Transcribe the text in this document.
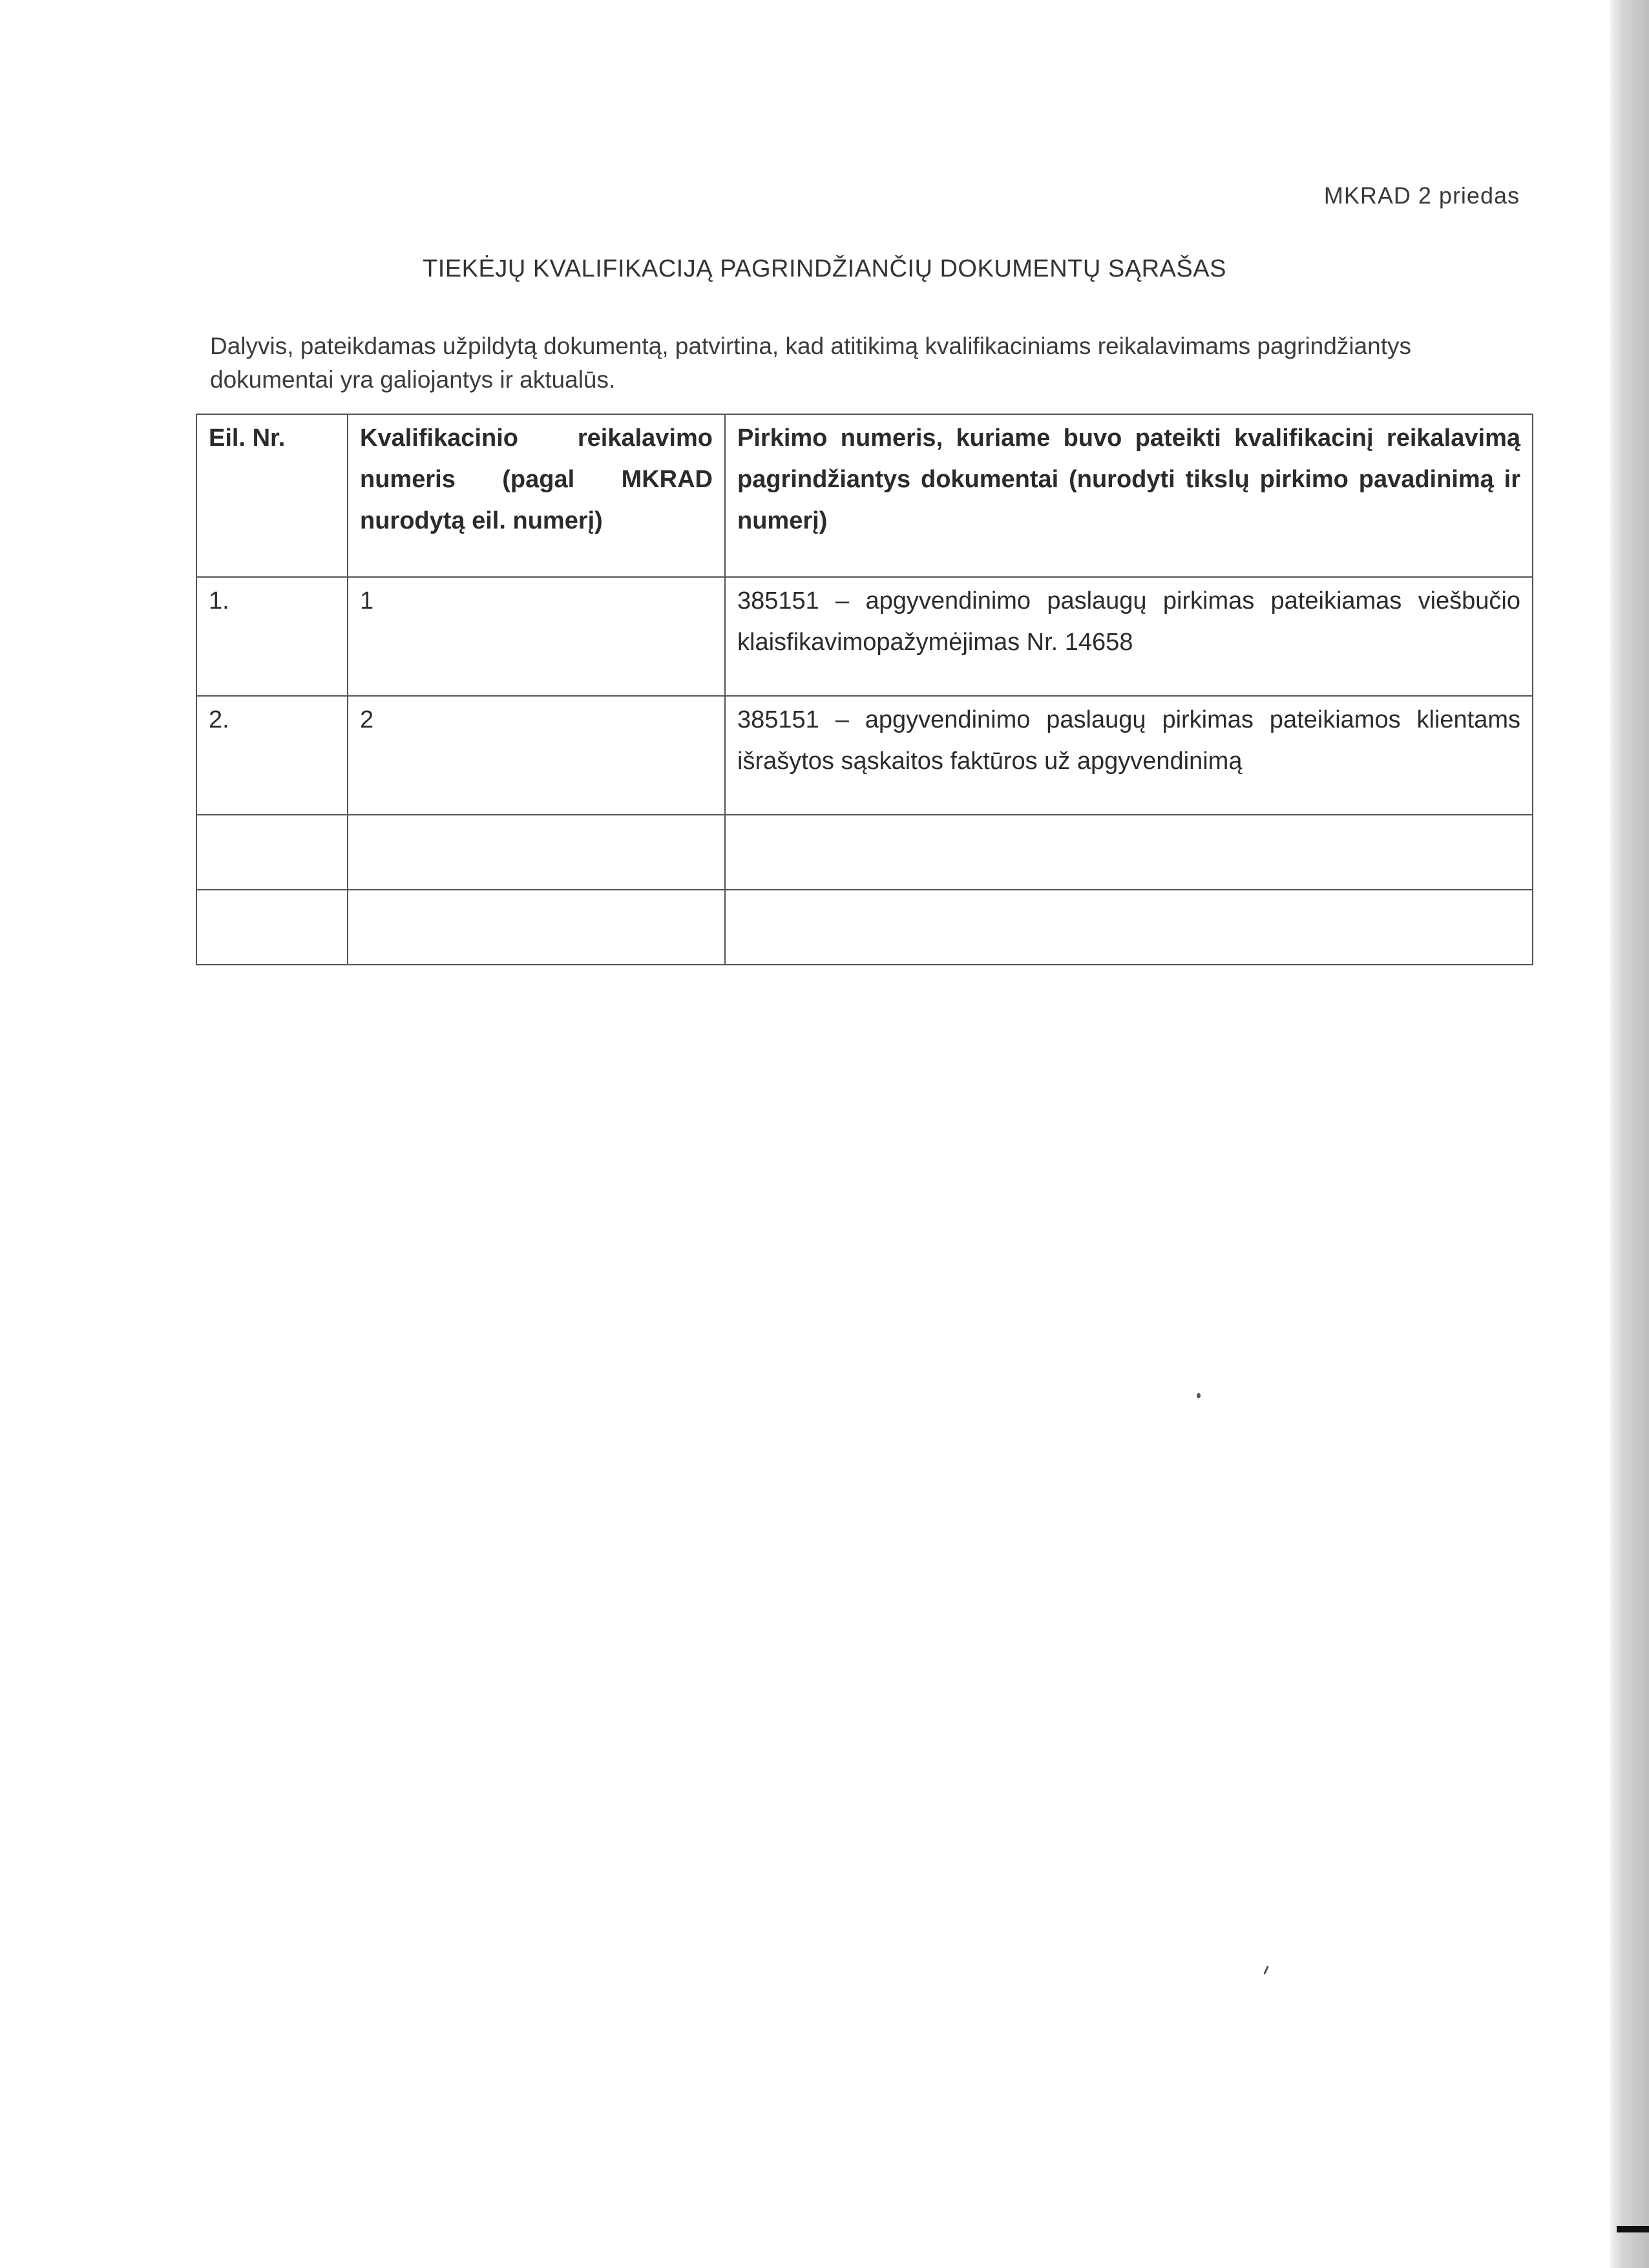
MKRAD 2 priedas
TIEKĖJŲ KVALIFIKACIJĄ PAGRINDŽIANČIŲ DOKUMENTŲ SĄRAŠAS
Dalyvis, pateikdamas užpildytą dokumentą, patvirtina, kad atitikimą kvalifikaciniams reikalavimams pagrindžiantys dokumentai yra galiojantys ir aktualūs.
Eil. Nr.	Kvalifikacinio reikalavimo numeris (pagal MKRAD nurodytą eil. numerį)	Pirkimo numeris, kuriame buvo pateikti kvalifikacinį reikalavimą pagrindžiantys dokumentai (nurodyti tikslų pirkimo pavadinimą ir numerį)
1.	1	385151 – apgyvendinimo paslaugų pirkimas pateikiamas viešbučio klaisfikavimopažymėjimas Nr. 14658
2.	2	385151 – apgyvendinimo paslaugų pirkimas pateikiamos klientams išrašytos sąskaitos faktūros už apgyvendinimą
